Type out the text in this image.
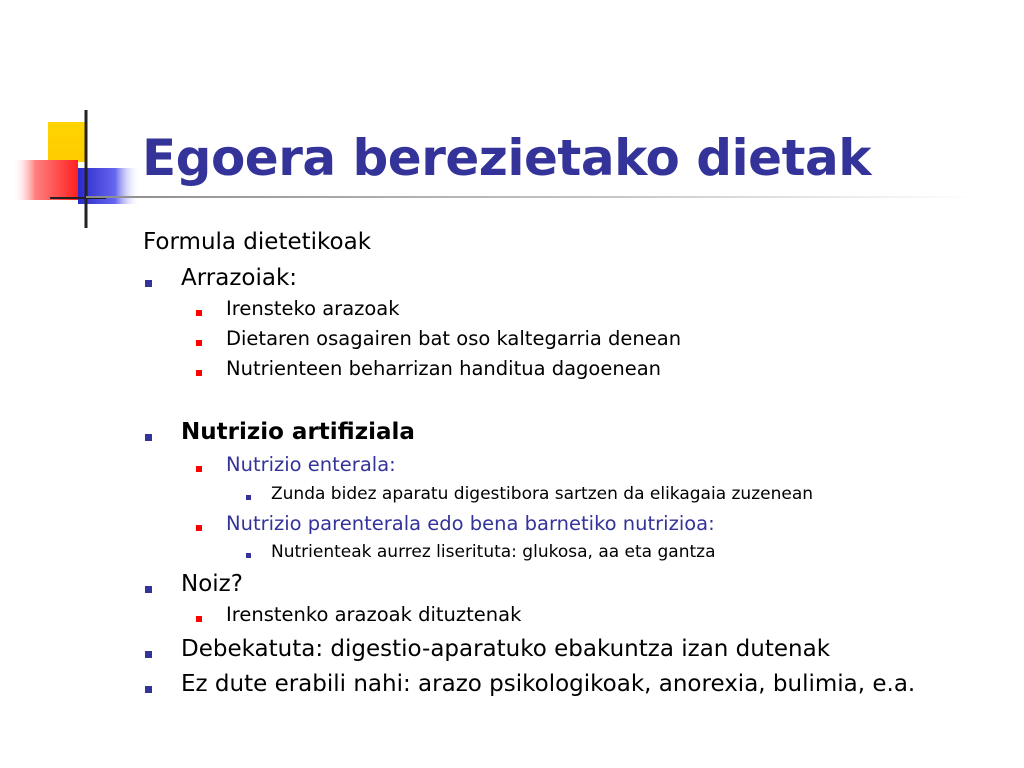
Egoera berezietako dietak
Formula dietetikoak
Arrazoiak:
Irensteko arazoak
Dietaren osagairen bat oso kaltegarria denean
Nutrienteen beharrizan handitua dagoenean
Nutrizio artifiziala
Nutrizio enterala:
Zunda bidez aparatu digestibora sartzen da elikagaia zuzenean
Nutrizio parenterala edo bena barnetiko nutrizioa:
Nutrienteak aurrez liserituta: glukosa, aa eta gantza
Noiz?
Irenstenko arazoak dituztenak
Debekatuta: digestio-aparatuko ebakuntza izan dutenak
Ez dute erabili nahi: arazo psikologikoak, anorexia, bulimia, e.a.
